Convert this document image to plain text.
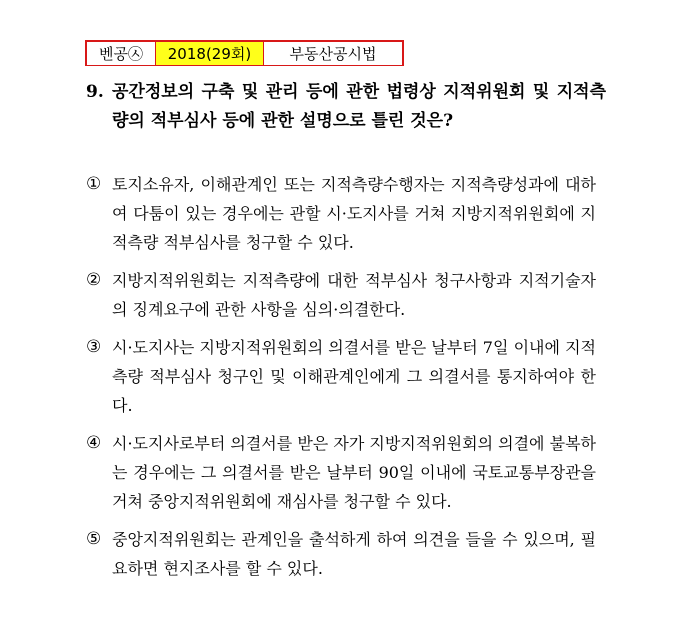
벤공㉦	2018(29회)	부동산공시법
9. 공간정보의 구축 및 관리 등에 관한 법령상 지적위원회 및 지적측량의 적부심사 등에 관한 설명으로 틀린 것은?
① 토지소유자, 이해관계인 또는 지적측량수행자는 지적측량성과에 대하여 다툼이 있는 경우에는 관할 시·도지사를 거쳐 지방지적위원회에 지적측량 적부심사를 청구할 수 있다.
② 지방지적위원회는 지적측량에 대한 적부심사 청구사항과 지적기술자의 징계요구에 관한 사항을 심의·의결한다.
③ 시·도지사는 지방지적위원회의 의결서를 받은 날부터 7일 이내에 지적측량 적부심사 청구인 및 이해관계인에게 그 의결서를 통지하여야 한다.
④ 시·도지사로부터 의결서를 받은 자가 지방지적위원회의 의결에 불복하는 경우에는 그 의결서를 받은 날부터 90일 이내에 국토교통부장관을 거쳐 중앙지적위원회에 재심사를 청구할 수 있다.
⑤ 중앙지적위원회는 관계인을 출석하게 하여 의견을 들을 수 있으며, 필요하면 현지조사를 할 수 있다.
